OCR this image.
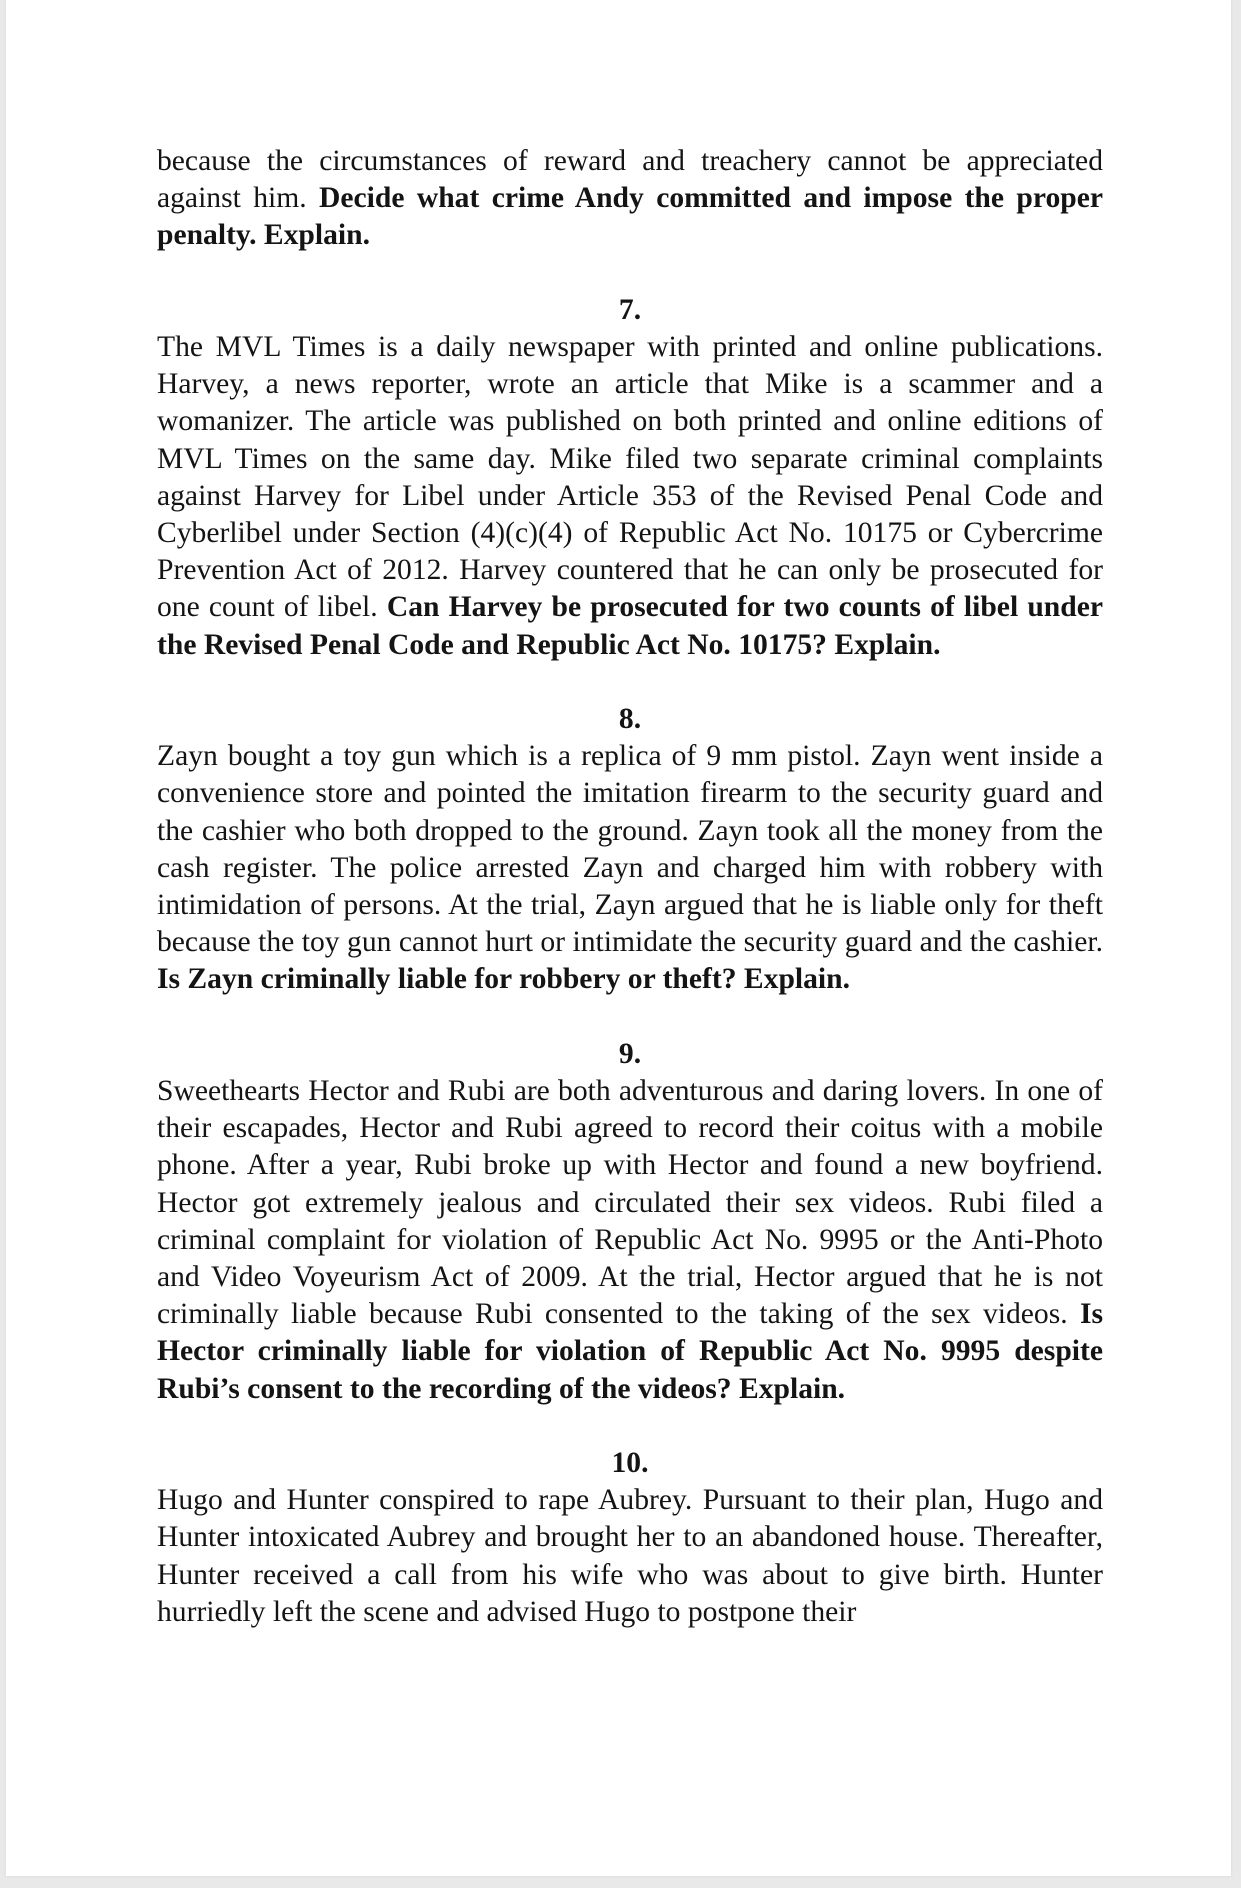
because the circumstances of reward and treachery cannot be appreciated against him. Decide what crime Andy committed and impose the proper penalty. Explain.

7.

The MVL Times is a daily newspaper with printed and online publications. Harvey, a news reporter, wrote an article that Mike is a scammer and a womanizer. The article was published on both printed and online editions of MVL Times on the same day. Mike filed two separate criminal complaints against Harvey for Libel under Article 353 of the Revised Penal Code and Cyberlibel under Section (4)(c)(4) of Republic Act No. 10175 or Cybercrime Prevention Act of 2012. Harvey countered that he can only be prosecuted for one count of libel. Can Harvey be prosecuted for two counts of libel under the Revised Penal Code and Republic Act No. 10175? Explain.

8.

Zayn bought a toy gun which is a replica of 9 mm pistol. Zayn went inside a convenience store and pointed the imitation firearm to the security guard and the cashier who both dropped to the ground. Zayn took all the money from the cash register. The police arrested Zayn and charged him with robbery with intimidation of persons. At the trial, Zayn argued that he is liable only for theft because the toy gun cannot hurt or intimidate the security guard and the cashier. Is Zayn criminally liable for robbery or theft? Explain.

9.

Sweethearts Hector and Rubi are both adventurous and daring lovers. In one of their escapades, Hector and Rubi agreed to record their coitus with a mobile phone. After a year, Rubi broke up with Hector and found a new boyfriend. Hector got extremely jealous and circulated their sex videos. Rubi filed a criminal complaint for violation of Republic Act No. 9995 or the Anti-Photo and Video Voyeurism Act of 2009. At the trial, Hector argued that he is not criminally liable because Rubi consented to the taking of the sex videos. Is Hector criminally liable for violation of Republic Act No. 9995 despite Rubi’s consent to the recording of the videos? Explain.

10.

Hugo and Hunter conspired to rape Aubrey. Pursuant to their plan, Hugo and Hunter intoxicated Aubrey and brought her to an abandoned house. Thereafter, Hunter received a call from his wife who was about to give birth. Hunter hurriedly left the scene and advised Hugo to postpone their
